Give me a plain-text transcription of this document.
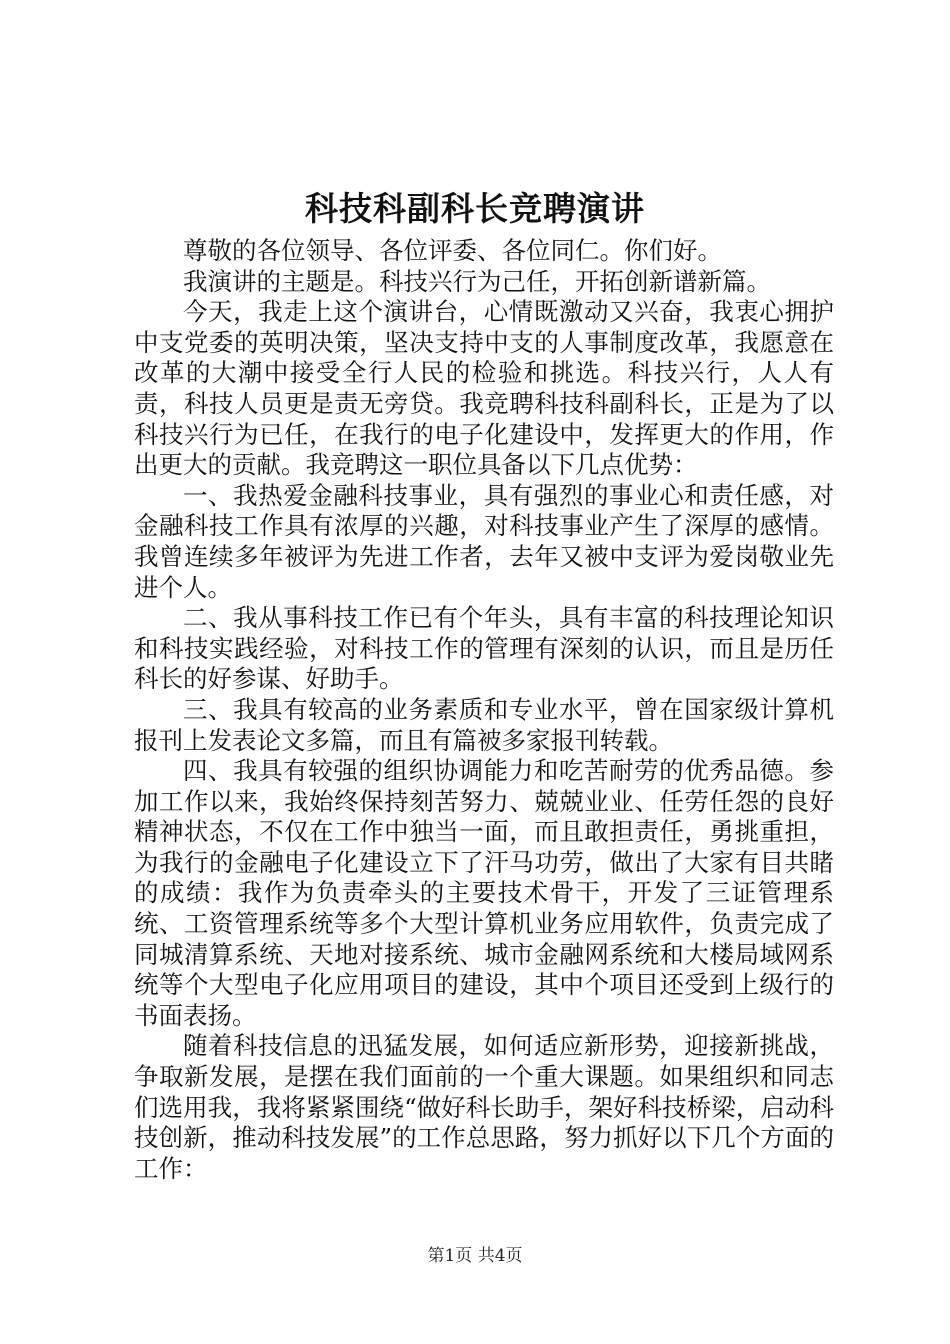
科技科副科长竞聘演讲

尊敬的各位领导、各位评委、各位同仁。你们好。

我演讲的主题是。科技兴行为己任，开拓创新谱新篇。

今天，我走上这个演讲台，心情既激动又兴奋，我衷心拥护中支党委的英明决策，坚决支持中支的人事制度改革，我愿意在改革的大潮中接受全行人民的检验和挑选。科技兴行，人人有责，科技人员更是责无旁贷。我竞聘科技科副科长，正是为了以科技兴行为已任，在我行的电子化建设中，发挥更大的作用，作出更大的贡献。我竞聘这一职位具备以下几点优势：

一、我热爱金融科技事业，具有强烈的事业心和责任感，对金融科技工作具有浓厚的兴趣，对科技事业产生了深厚的感情。我曾连续多年被评为先进工作者，去年又被中支评为爱岗敬业先进个人。

二、我从事科技工作已有个年头，具有丰富的科技理论知识和科技实践经验，对科技工作的管理有深刻的认识，而且是历任科长的好参谋、好助手。

三、我具有较高的业务素质和专业水平，曾在国家级计算机报刊上发表论文多篇，而且有篇被多家报刊转载。

四、我具有较强的组织协调能力和吃苦耐劳的优秀品德。参加工作以来，我始终保持刻苦努力、兢兢业业、任劳任怨的良好精神状态，不仅在工作中独当一面，而且敢担责任，勇挑重担，为我行的金融电子化建设立下了汗马功劳，做出了大家有目共睹的成绩：我作为负责牵头的主要技术骨干，开发了三证管理系统、工资管理系统等多个大型计算机业务应用软件，负责完成了同城清算系统、天地对接系统、城市金融网系统和大楼局域网系统等个大型电子化应用项目的建设，其中个项目还受到上级行的书面表扬。

随着科技信息的迅猛发展，如何适应新形势，迎接新挑战，争取新发展，是摆在我们面前的一个重大课题。如果组织和同志们选用我，我将紧紧围绕“做好科长助手，架好科技桥梁，启动科技创新，推动科技发展”的工作总思路，努力抓好以下几个方面的工作：

第1页 共4页
